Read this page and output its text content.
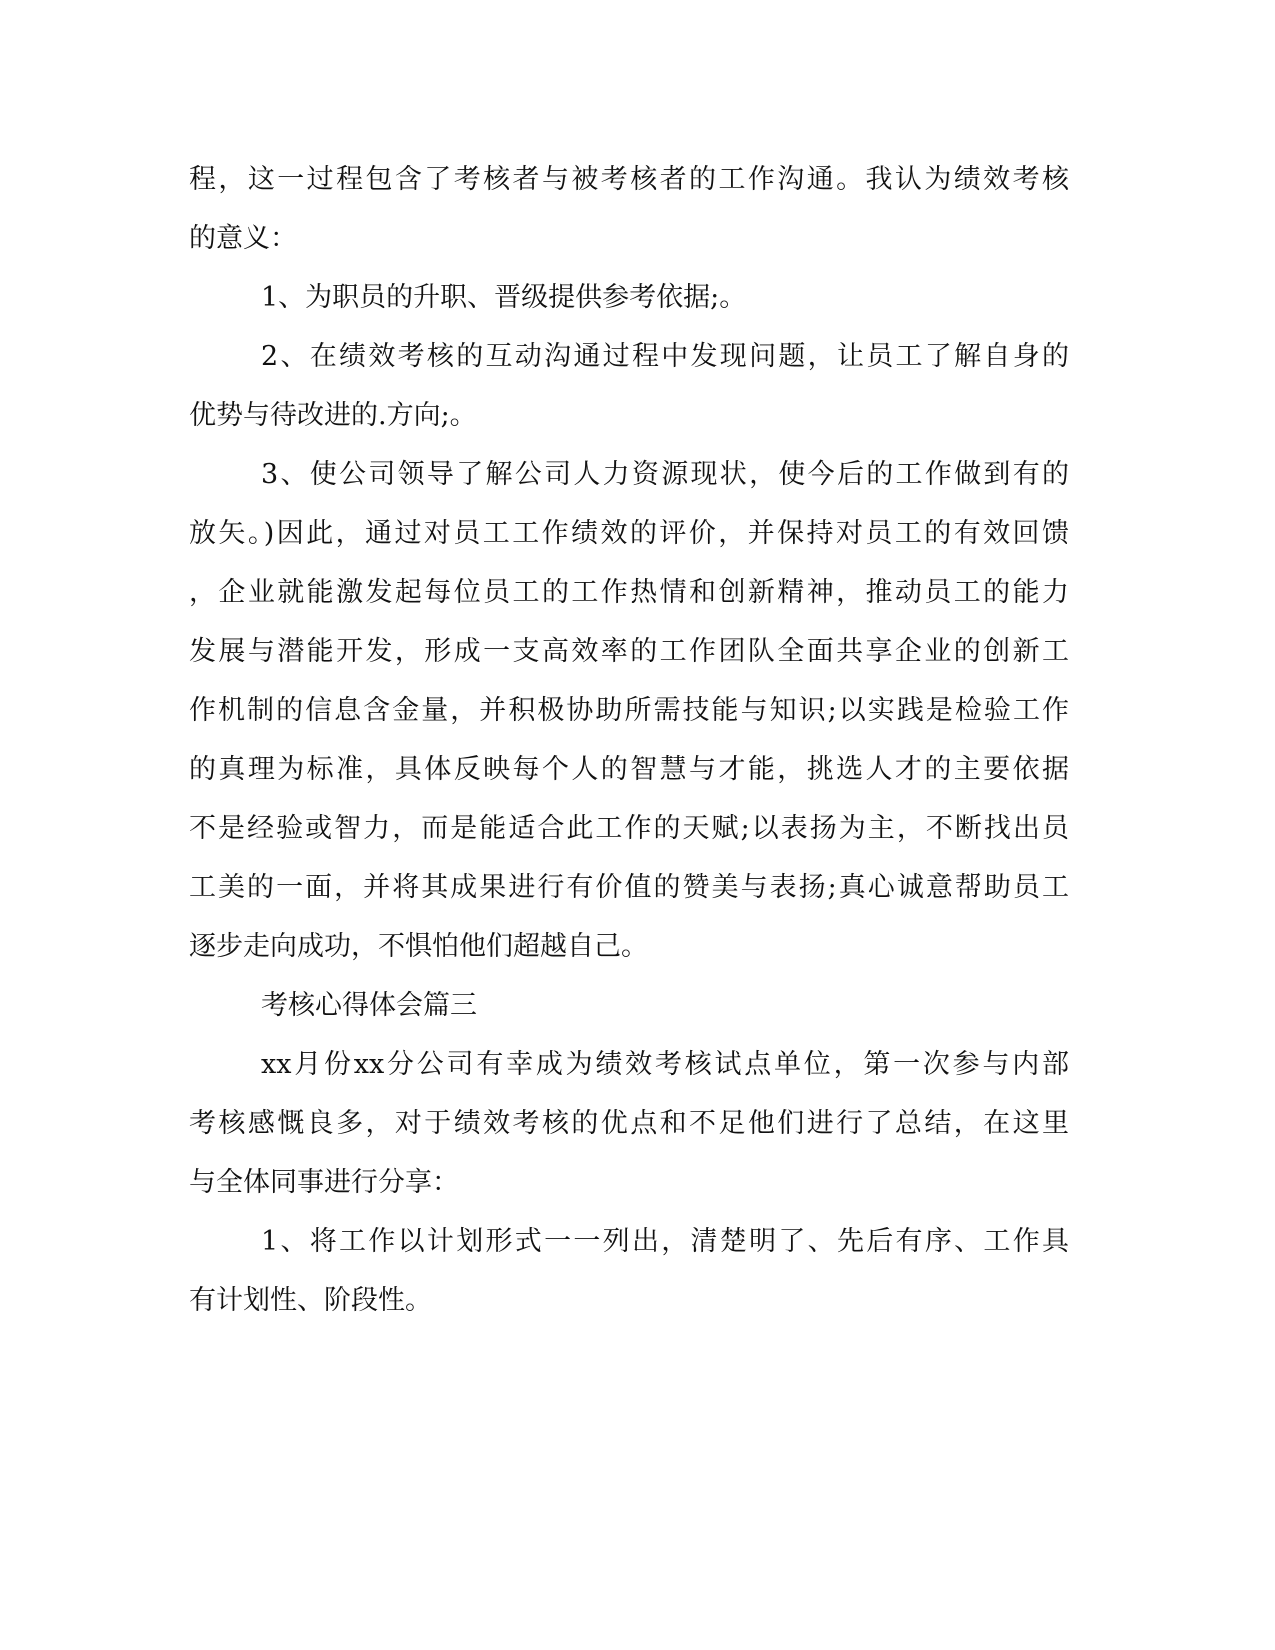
程，这一过程包含了考核者与被考核者的工作沟通。我认为绩效考核
的意义：
1、为职员的升职、晋级提供参考依据;。
2、在绩效考核的互动沟通过程中发现问题，让员工了解自身的
优势与待改进的.方向;。
3、使公司领导了解公司人力资源现状，使今后的工作做到有的
放矢。)因此，通过对员工工作绩效的评价，并保持对员工的有效回馈
，企业就能激发起每位员工的工作热情和创新精神，推动员工的能力
发展与潜能开发，形成一支高效率的工作团队全面共享企业的创新工
作机制的信息含金量，并积极协助所需技能与知识;以实践是检验工作
的真理为标准，具体反映每个人的智慧与才能，挑选人才的主要依据
不是经验或智力，而是能适合此工作的天赋;以表扬为主，不断找出员
工美的一面，并将其成果进行有价值的赞美与表扬;真心诚意帮助员工
逐步走向成功，不惧怕他们超越自己。
考核心得体会篇三
xx月份xx分公司有幸成为绩效考核试点单位，第一次参与内部
考核感慨良多，对于绩效考核的优点和不足他们进行了总结，在这里
与全体同事进行分享：
1、将工作以计划形式一一列出，清楚明了、先后有序、工作具
有计划性、阶段性。
